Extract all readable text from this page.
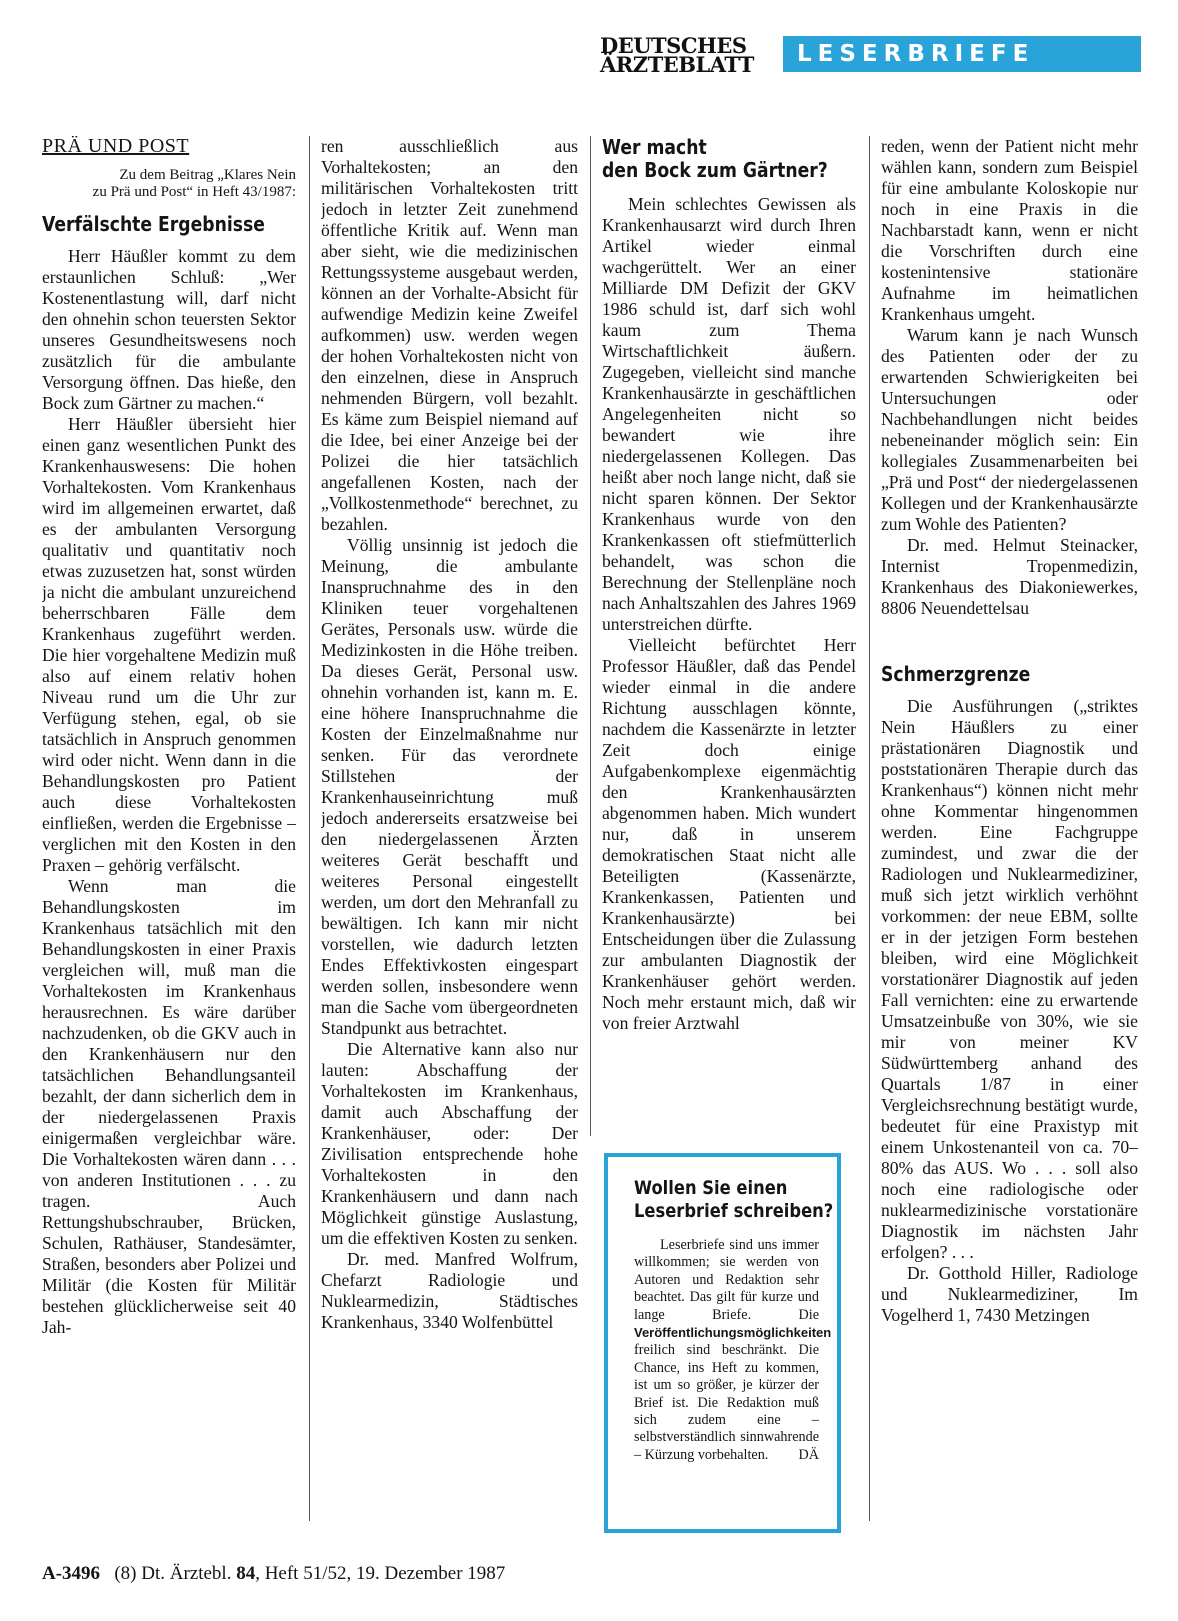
DEUTSCHES
ÄRZTEBLATT	LESERBRIEFE
PRÄ UND POST
Zu dem Beitrag „Klares Nein
zu Prä und Post“ in Heft 43/1987:
Verfälschte Ergebnisse

Herr Häußler kommt zu dem erstaunlichen Schluß: „Wer Kostenentlastung will, darf nicht den ohnehin schon teuersten Sektor unseres Gesundheitswesens noch zusätzlich für die ambulante Versorgung öffnen. Das hieße, den Bock zum Gärtner zu machen.“

Herr Häußler übersieht hier einen ganz wesentlichen Punkt des Krankenhauswesens: Die hohen Vorhaltekosten. Vom Krankenhaus wird im allgemeinen erwartet, daß es der ambulanten Versorgung qualitativ und quantitativ noch etwas zuzusetzen hat, sonst würden ja nicht die ambulant unzureichend beherrschbaren Fälle dem Krankenhaus zugeführt werden. Die hier vorgehaltene Medizin muß also auf einem relativ hohen Niveau rund um die Uhr zur Verfügung stehen, egal, ob sie tatsächlich in Anspruch genommen wird oder nicht. Wenn dann in die Behandlungskosten pro Patient auch diese Vorhaltekosten einfließen, werden die Ergebnisse – verglichen mit den Kosten in den Praxen – gehörig verfälscht.

Wenn man die Behandlungskosten im Krankenhaus tatsächlich mit den Behandlungskosten in einer Praxis vergleichen will, muß man die Vorhaltekosten im Krankenhaus herausrechnen. Es wäre darüber nachzudenken, ob die GKV auch in den Krankenhäusern nur den tatsächlichen Behandlungsanteil bezahlt, der dann sicherlich dem in der niedergelassenen Praxis einigermaßen vergleichbar wäre. Die Vorhaltekosten wären dann . . . von anderen Institutionen . . . zu tragen. Auch Rettungshubschrauber, Brücken, Schulen, Rathäuser, Standesämter, Straßen, besonders aber Polizei und Militär (die Kosten für Militär bestehen glücklicherweise seit 40 Jah-

ren ausschließlich aus Vorhaltekosten; an den militärischen Vorhaltekosten tritt jedoch in letzter Zeit zunehmend öffentliche Kritik auf. Wenn man aber sieht, wie die medizinischen Rettungssysteme ausgebaut werden, können an der Vorhalte-Absicht für aufwendige Medizin keine Zweifel aufkommen) usw. werden wegen der hohen Vorhaltekosten nicht von den einzelnen, diese in Anspruch nehmenden Bürgern, voll bezahlt. Es käme zum Beispiel niemand auf die Idee, bei einer Anzeige bei der Polizei die hier tatsächlich angefallenen Kosten, nach der „Vollkostenmethode“ berechnet, zu bezahlen.

Völlig unsinnig ist jedoch die Meinung, die ambulante Inanspruchnahme des in den Kliniken teuer vorgehaltenen Gerätes, Personals usw. würde die Medizinkosten in die Höhe treiben. Da dieses Gerät, Personal usw. ohnehin vorhanden ist, kann m. E. eine höhere Inanspruchnahme die Kosten der Einzelmaßnahme nur senken. Für das verordnete Stillstehen der Krankenhauseinrichtung muß jedoch andererseits ersatzweise bei den niedergelassenen Ärzten weiteres Gerät beschafft und weiteres Personal eingestellt werden, um dort den Mehranfall zu bewältigen. Ich kann mir nicht vorstellen, wie dadurch letzten Endes Effektivkosten eingespart werden sollen, insbesondere wenn man die Sache vom übergeordneten Standpunkt aus betrachtet.

Die Alternative kann also nur lauten: Abschaffung der Vorhaltekosten im Krankenhaus, damit auch Abschaffung der Krankenhäuser, oder: Der Zivilisation entsprechende hohe Vorhaltekosten in den Krankenhäusern und dann nach Möglichkeit günstige Auslastung, um die effektiven Kosten zu senken.

Dr. med. Manfred Wolfrum, Chefarzt Radiologie und Nuklearmedizin, Städtisches Krankenhaus, 3340 Wolfenbüttel

Wer macht
den Bock zum Gärtner?

Mein schlechtes Gewissen als Krankenhausarzt wird durch Ihren Artikel wieder einmal wachgerüttelt. Wer an einer Milliarde DM Defizit der GKV 1986 schuld ist, darf sich wohl kaum zum Thema Wirtschaftlichkeit äußern. Zugegeben, vielleicht sind manche Krankenhausärzte in geschäftlichen Angelegenheiten nicht so bewandert wie ihre niedergelassenen Kollegen. Das heißt aber noch lange nicht, daß sie nicht sparen können. Der Sektor Krankenhaus wurde von den Krankenkassen oft stiefmütterlich behandelt, was schon die Berechnung der Stellenpläne noch nach Anhaltszahlen des Jahres 1969 unterstreichen dürfte.

Vielleicht befürchtet Herr Professor Häußler, daß das Pendel wieder einmal in die andere Richtung ausschlagen könnte, nachdem die Kassenärzte in letzter Zeit doch einige Aufgabenkomplexe eigenmächtig den Krankenhausärzten abgenommen haben. Mich wundert nur, daß in unserem demokratischen Staat nicht alle Beteiligten (Kassenärzte, Krankenkassen, Patienten und Krankenhausärzte) bei Entscheidungen über die Zulassung zur ambulanten Diagnostik der Krankenhäuser gehört werden. Noch mehr erstaunt mich, daß wir von freier Arztwahl

Wollen Sie einen
Leserbrief schreiben?

Leserbriefe sind uns immer willkommen; sie werden von Autoren und Redaktion sehr beachtet. Das gilt für kurze und lange Briefe. Die Veröffentlichungsmöglichkeiten freilich sind beschränkt. Die Chance, ins Heft zu kommen, ist um so größer, je kürzer der Brief ist. Die Redaktion muß sich zudem eine – selbstverständlich sinnwahrende – Kürzung vorbehalten.	DÄ

reden, wenn der Patient nicht mehr wählen kann, sondern zum Beispiel für eine ambulante Koloskopie nur noch in eine Praxis in die Nachbarstadt kann, wenn er nicht die Vorschriften durch eine kostenintensive stationäre Aufnahme im heimatlichen Krankenhaus umgeht.

Warum kann je nach Wunsch des Patienten oder der zu erwartenden Schwierigkeiten bei Untersuchungen oder Nachbehandlungen nicht beides nebeneinander möglich sein: Ein kollegiales Zusammenarbeiten bei „Prä und Post“ der niedergelassenen Kollegen und der Krankenhausärzte zum Wohle des Patienten?

Dr. med. Helmut Steinacker, Internist Tropenmedizin, Krankenhaus des Diakoniewerkes, 8806 Neuendettelsau

Schmerzgrenze

Die Ausführungen („striktes Nein Häußlers zu einer prästationären Diagnostik und poststationären Therapie durch das Krankenhaus“) können nicht mehr ohne Kommentar hingenommen werden. Eine Fachgruppe zumindest, und zwar die der Radiologen und Nuklearmediziner, muß sich jetzt wirklich verhöhnt vorkommen: der neue EBM, sollte er in der jetzigen Form bestehen bleiben, wird eine Möglichkeit vorstationärer Diagnostik auf jeden Fall vernichten: eine zu erwartende Umsatzeinbuße von 30%, wie sie mir von meiner KV Südwürttemberg anhand des Quartals 1/87 in einer Vergleichsrechnung bestätigt wurde, bedeutet für eine Praxistyp mit einem Unkostenanteil von ca. 70–80% das AUS. Wo . . . soll also noch eine radiologische oder nuklearmedizinische vorstationäre Diagnostik im nächsten Jahr erfolgen? . . .

Dr. Gotthold Hiller, Radiologe und Nuklearmediziner, Im Vogelherd 1, 7430 Metzingen

A-3496 (8) Dt. Ärztebl. 84, Heft 51/52, 19. Dezember 1987
